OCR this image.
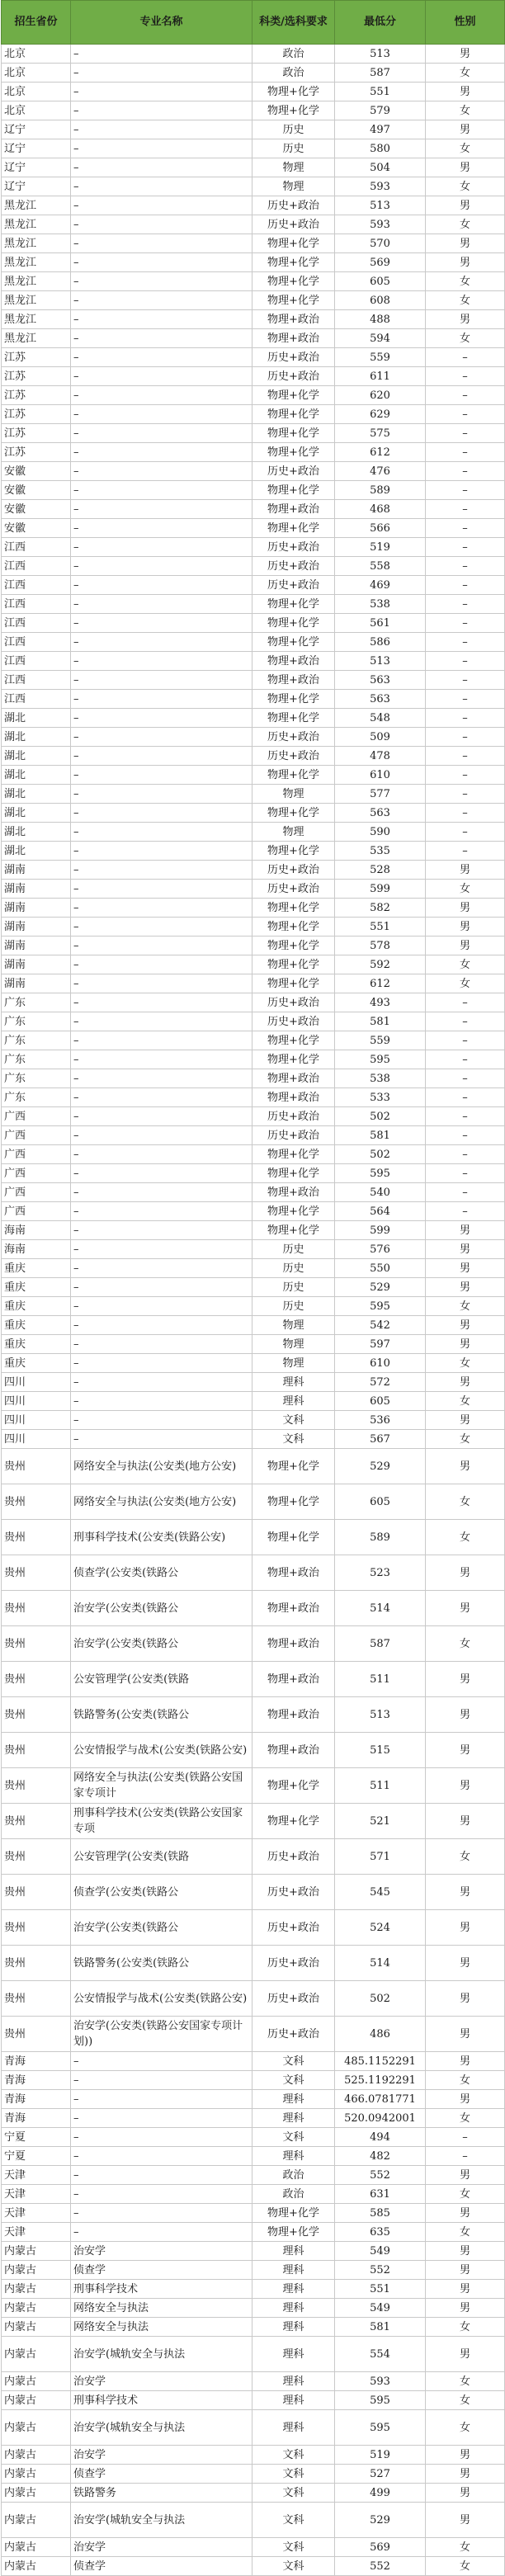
招生省份	专业名称	科类/选科要求	最低分	性别
北京	–	政治	513	男
北京	–	政治	587	女
北京	–	物理+化学	551	男
北京	–	物理+化学	579	女
辽宁	–	历史	497	男
辽宁	–	历史	580	女
辽宁	–	物理	504	男
辽宁	–	物理	593	女
黑龙江	–	历史+政治	513	男
黑龙江	–	历史+政治	593	女
黑龙江	–	物理+化学	570	男
黑龙江	–	物理+化学	569	男
黑龙江	–	物理+化学	605	女
黑龙江	–	物理+化学	608	女
黑龙江	–	物理+政治	488	男
黑龙江	–	物理+政治	594	女
江苏	–	历史+政治	559	–
江苏	–	历史+政治	611	–
江苏	–	物理+化学	620	–
江苏	–	物理+化学	629	–
江苏	–	物理+化学	575	–
江苏	–	物理+化学	612	–
安徽	–	历史+政治	476	–
安徽	–	物理+化学	589	–
安徽	–	物理+政治	468	–
安徽	–	物理+化学	566	–
江西	–	历史+政治	519	–
江西	–	历史+政治	558	–
江西	–	历史+政治	469	–
江西	–	物理+化学	538	–
江西	–	物理+化学	561	–
江西	–	物理+化学	586	–
江西	–	物理+政治	513	–
江西	–	物理+政治	563	–
江西	–	物理+化学	563	–
湖北	–	物理+化学	548	–
湖北	–	历史+政治	509	–
湖北	–	历史+政治	478	–
湖北	–	物理+化学	610	–
湖北	–	物理	577	–
湖北	–	物理+化学	563	–
湖北	–	物理	590	–
湖北	–	物理+化学	535	–
湖南	–	历史+政治	528	男
湖南	–	历史+政治	599	女
湖南	–	物理+化学	582	男
湖南	–	物理+化学	551	男
湖南	–	物理+化学	578	男
湖南	–	物理+化学	592	女
湖南	–	物理+化学	612	女
广东	–	历史+政治	493	–
广东	–	历史+政治	581	–
广东	–	物理+化学	559	–
广东	–	物理+化学	595	–
广东	–	物理+政治	538	–
广东	–	物理+政治	533	–
广西	–	历史+政治	502	–
广西	–	历史+政治	581	–
广西	–	物理+化学	502	–
广西	–	物理+化学	595	–
广西	–	物理+政治	540	–
广西	–	物理+化学	564	–
海南	–	物理+化学	599	男
海南	–	历史	576	男
重庆	–	历史	550	男
重庆	–	历史	529	男
重庆	–	历史	595	女
重庆	–	物理	542	男
重庆	–	物理	597	男
重庆	–	物理	610	女
四川	–	理科	572	男
四川	–	理科	605	女
四川	–	文科	536	男
四川	–	文科	567	女
贵州	网络安全与执法(公安类(地方公安)	物理+化学	529	男
贵州	网络安全与执法(公安类(地方公安)	物理+化学	605	女
贵州	刑事科学技术(公安类(铁路公安)	物理+化学	589	女
贵州	侦查学(公安类(铁路公	物理+政治	523	男
贵州	治安学(公安类(铁路公	物理+政治	514	男
贵州	治安学(公安类(铁路公	物理+政治	587	女
贵州	公安管理学(公安类(铁路	物理+政治	511	男
贵州	铁路警务(公安类(铁路公	物理+政治	513	男
贵州	公安情报学与战术(公安类(铁路公安)	物理+政治	515	男
贵州	网络安全与执法(公安类(铁路公安国家专项计	物理+化学	511	男
贵州	刑事科学技术(公安类(铁路公安国家专项	物理+化学	521	男
贵州	公安管理学(公安类(铁路	历史+政治	571	女
贵州	侦查学(公安类(铁路公	历史+政治	545	男
贵州	治安学(公安类(铁路公	历史+政治	524	男
贵州	铁路警务(公安类(铁路公	历史+政治	514	男
贵州	公安情报学与战术(公安类(铁路公安)	历史+政治	502	男
贵州	治安学(公安类(铁路公安国家专项计划))	历史+政治	486	男
青海	–	文科	485.1152291	男
青海	–	文科	525.1192291	女
青海	–	理科	466.0781771	男
青海	–	理科	520.0942001	女
宁夏	–	文科	494	–
宁夏	–	理科	482	–
天津	–	政治	552	男
天津	–	政治	631	女
天津	–	物理+化学	585	男
天津	–	物理+化学	635	女
内蒙古	治安学	理科	549	男
内蒙古	侦查学	理科	552	男
内蒙古	刑事科学技术	理科	551	男
内蒙古	网络安全与执法	理科	549	男
内蒙古	网络安全与执法	理科	581	女
内蒙古	治安学(城轨安全与执法	理科	554	男
内蒙古	治安学	理科	593	女
内蒙古	刑事科学技术	理科	595	女
内蒙古	治安学(城轨安全与执法	理科	595	女
内蒙古	治安学	文科	519	男
内蒙古	侦查学	文科	527	男
内蒙古	铁路警务	文科	499	男
内蒙古	治安学(城轨安全与执法	文科	529	男
内蒙古	治安学	文科	569	女
内蒙古	侦查学	文科	552	女
